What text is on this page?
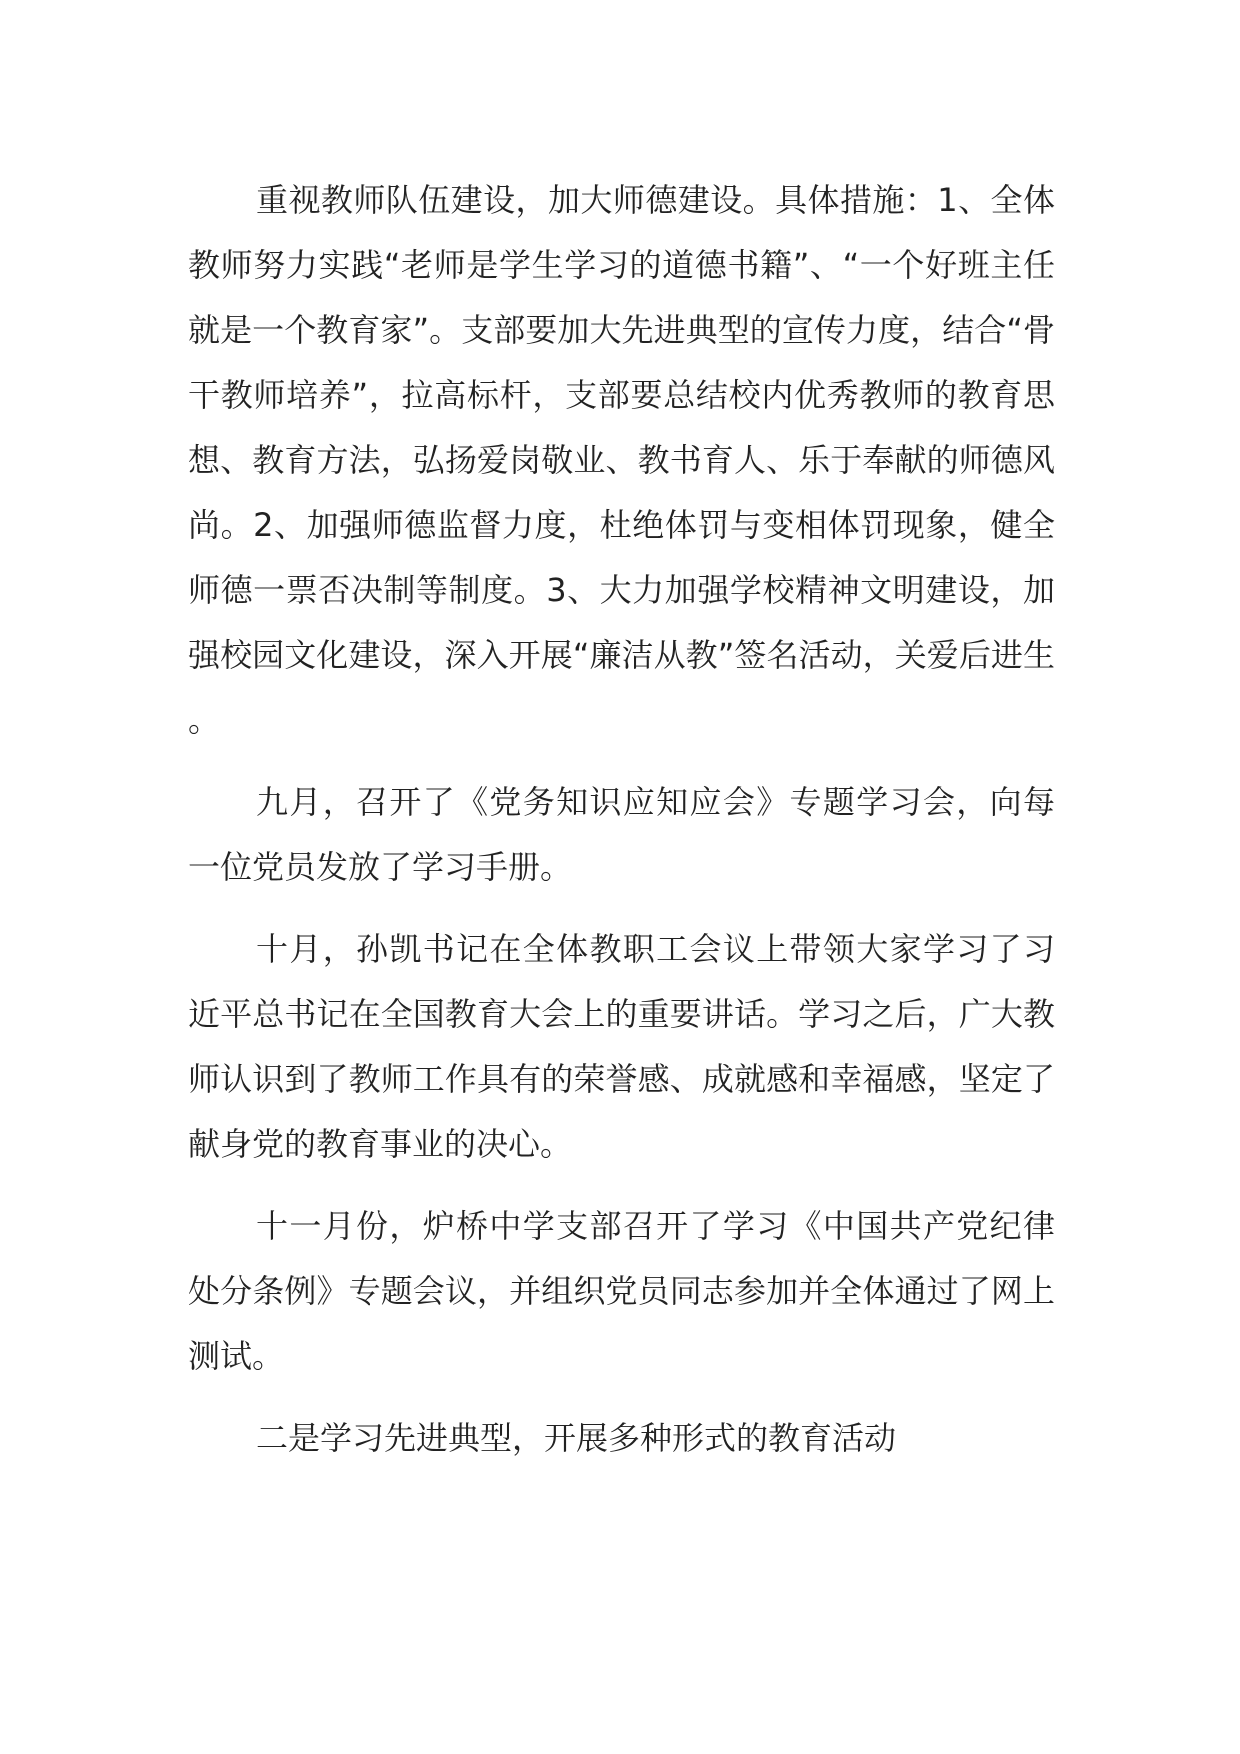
重视教师队伍建设，加大师德建设。具体措施：1、全体教师努力实践“老师是学生学习的道德书籍”、“一个好班主任就是一个教育家”。支部要加大先进典型的宣传力度，结合“骨干教师培养”，拉高标杆，支部要总结校内优秀教师的教育思想、教育方法，弘扬爱岗敬业、教书育人、乐于奉献的师德风尚。2、加强师德监督力度，杜绝体罚与变相体罚现象，健全师德一票否决制等制度。3、大力加强学校精神文明建设，加强校园文化建设，深入开展“廉洁从教”签名活动，关爱后进生。

九月，召开了《党务知识应知应会》专题学习会，向每一位党员发放了学习手册。

十月，孙凯书记在全体教职工会议上带领大家学习了习近平总书记在全国教育大会上的重要讲话。学习之后，广大教师认识到了教师工作具有的荣誉感、成就感和幸福感，坚定了献身党的教育事业的决心。

十一月份，炉桥中学支部召开了学习《中国共产党纪律处分条例》专题会议，并组织党员同志参加并全体通过了网上测试。

二是学习先进典型，开展多种形式的教育活动
